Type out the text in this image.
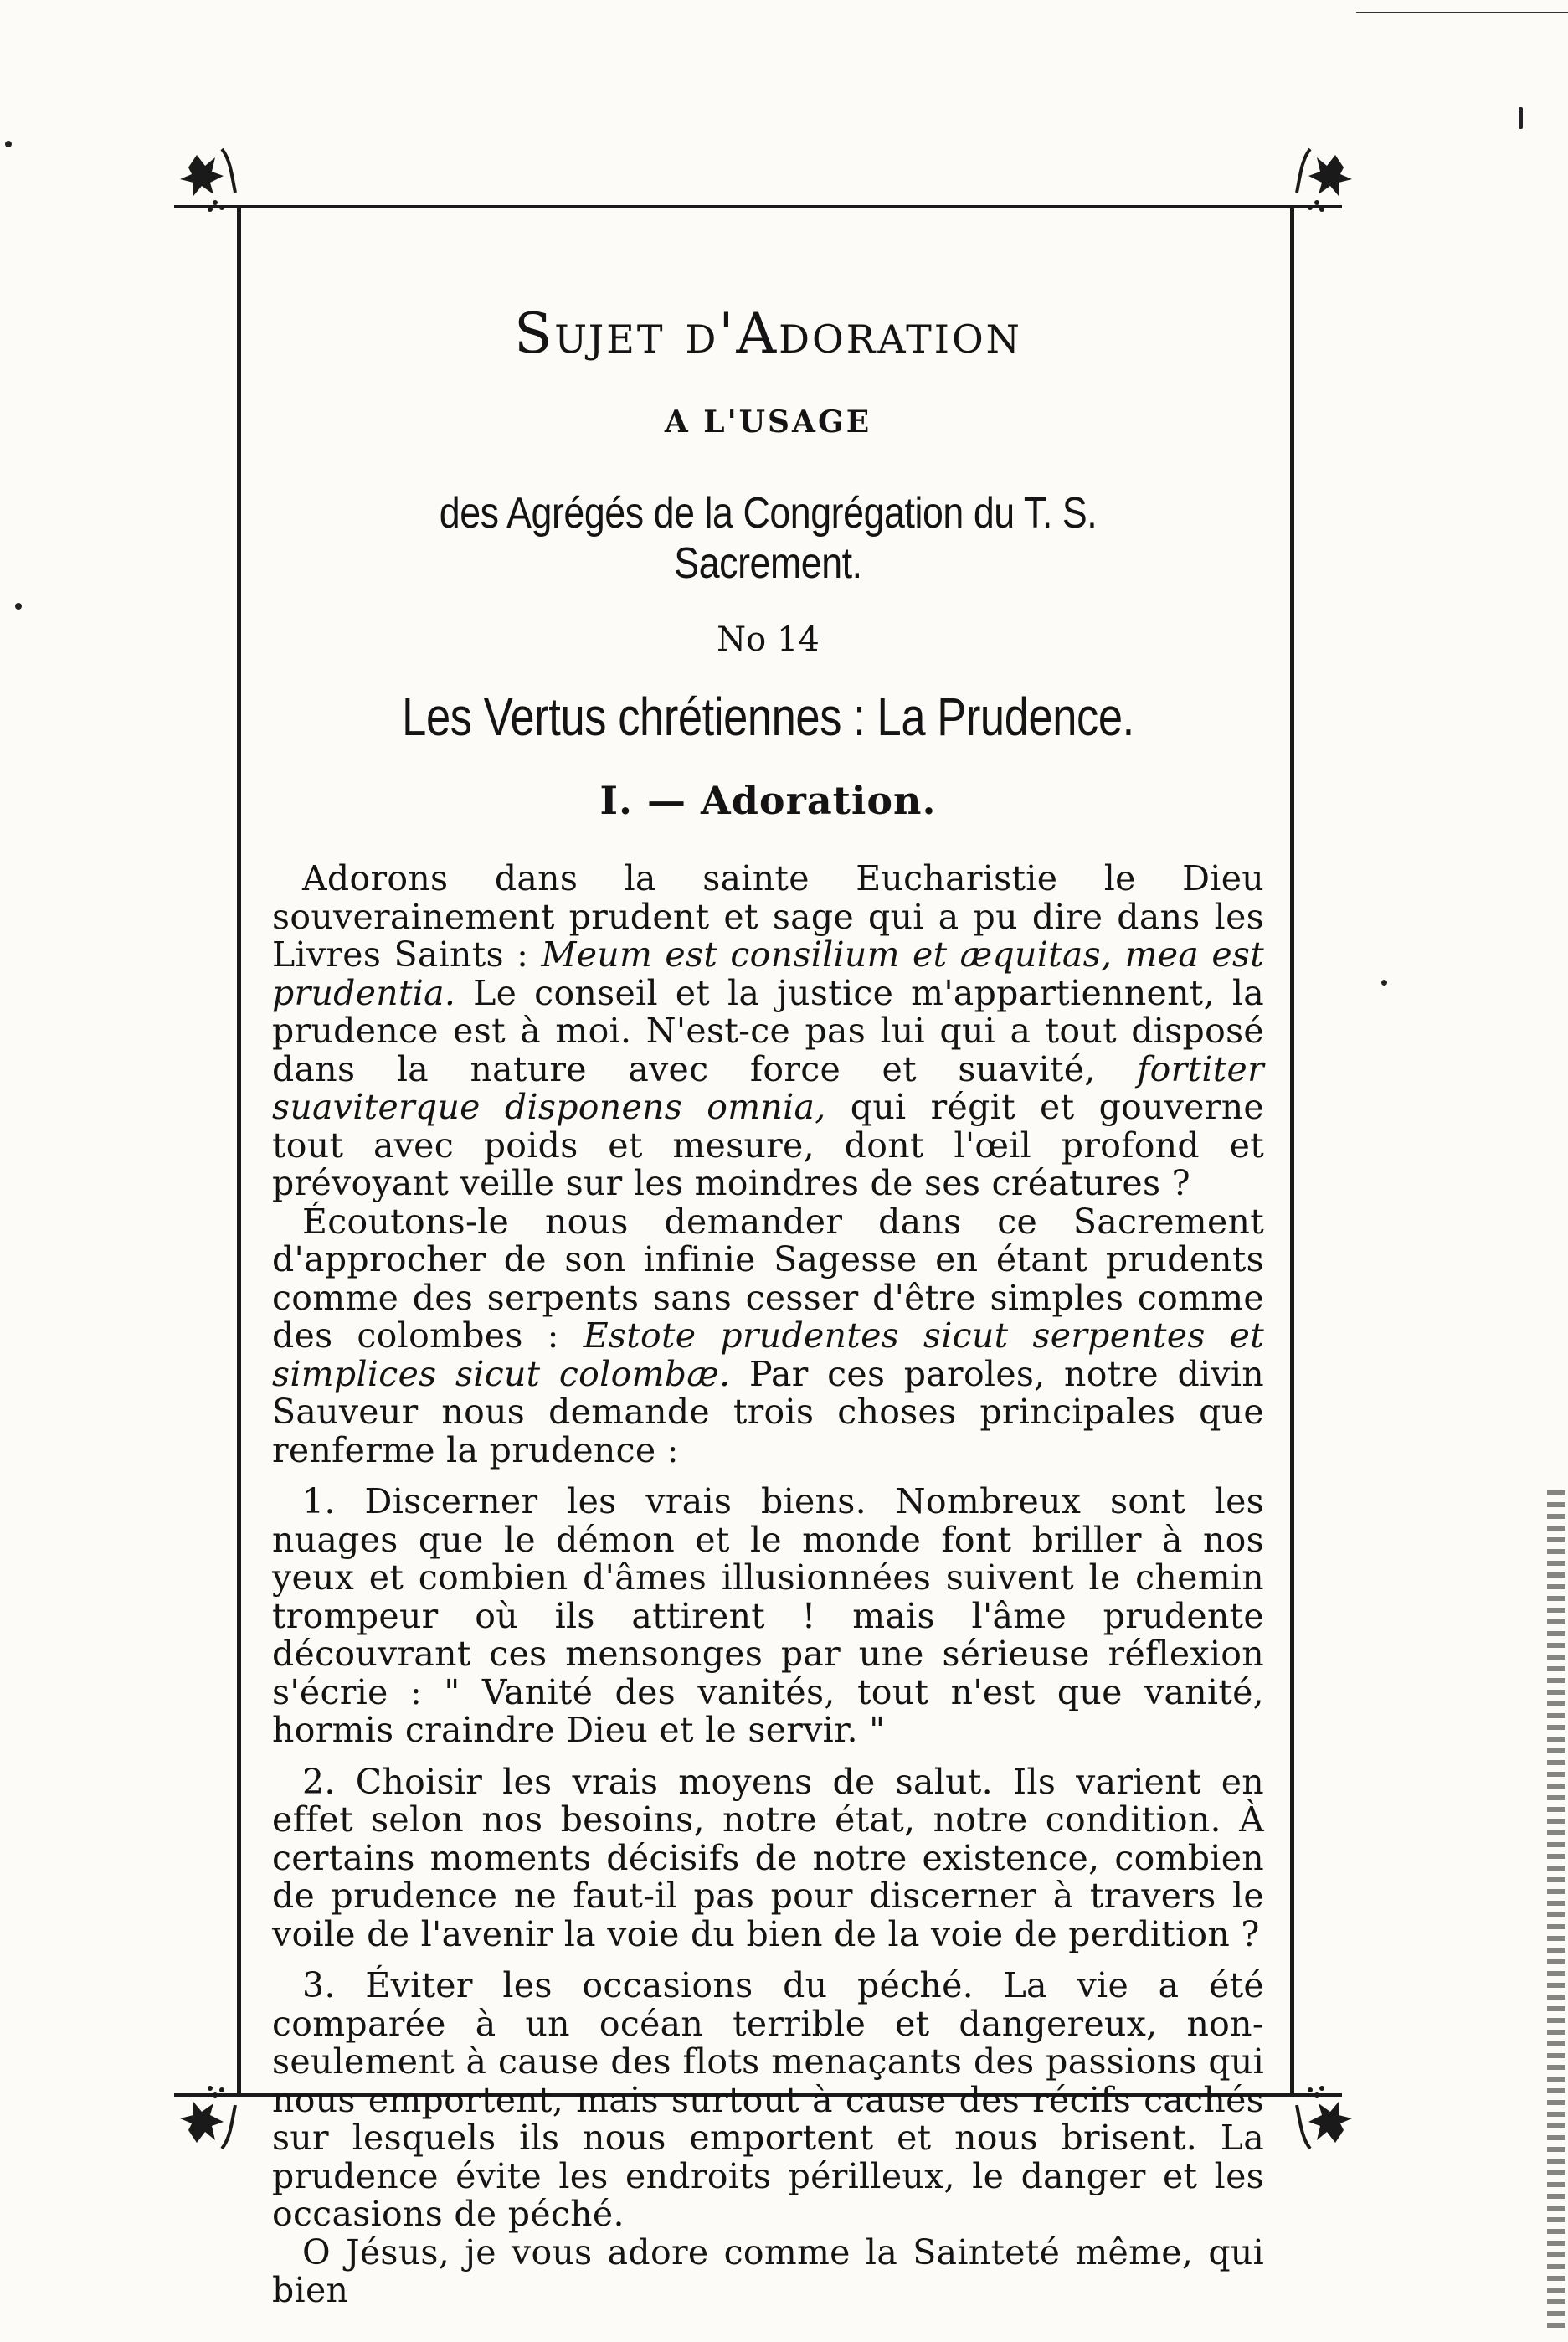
Sujet d'Adoration
A L'USAGE
des Agrégés de la Congrégation du T. S. Sacrement.
No 14
Les Vertus chrétiennes : La Prudence.
I. — Adoration.

Adorons dans la sainte Eucharistie le Dieu souverainement prudent et sage qui a pu dire dans les Livres Saints : Meum est consilium et æquitas, mea est prudentia. Le conseil et la justice m'appartiennent, la prudence est à moi. N'est-ce pas lui qui a tout disposé dans la nature avec force et suavité, fortiter suaviterque disponens omnia, qui régit et gouverne tout avec poids et mesure, dont l'œil profond et prévoyant veille sur les moindres de ses créatures ?

Écoutons-le nous demander dans ce Sacrement d'approcher de son infinie Sagesse en étant prudents comme des serpents sans cesser d'être simples comme des colombes : Estote prudentes sicut serpentes et simplices sicut colombæ. Par ces paroles, notre divin Sauveur nous demande trois choses principales que renferme la prudence :

1. Discerner les vrais biens. Nombreux sont les nuages que le démon et le monde font briller à nos yeux et combien d'âmes illusionnées suivent le chemin trompeur où ils attirent ! mais l'âme prudente découvrant ces mensonges par une sérieuse réflexion s'écrie : " Vanité des vanités, tout n'est que vanité, hormis craindre Dieu et le servir. "

2. Choisir les vrais moyens de salut. Ils varient en effet selon nos besoins, notre état, notre condition. À certains moments décisifs de notre existence, combien de prudence ne faut-il pas pour discerner à travers le voile de l'avenir la voie du bien de la voie de perdition ?

3. Éviter les occasions du péché. La vie a été comparée à un océan terrible et dangereux, non-seulement à cause des flots menaçants des passions qui nous emportent, mais surtout à cause des récifs cachés sur lesquels ils nous emportent et nous brisent. La prudence évite les endroits périlleux, le danger et les occasions de péché.

O Jésus, je vous adore comme la Sainteté même, qui bien
